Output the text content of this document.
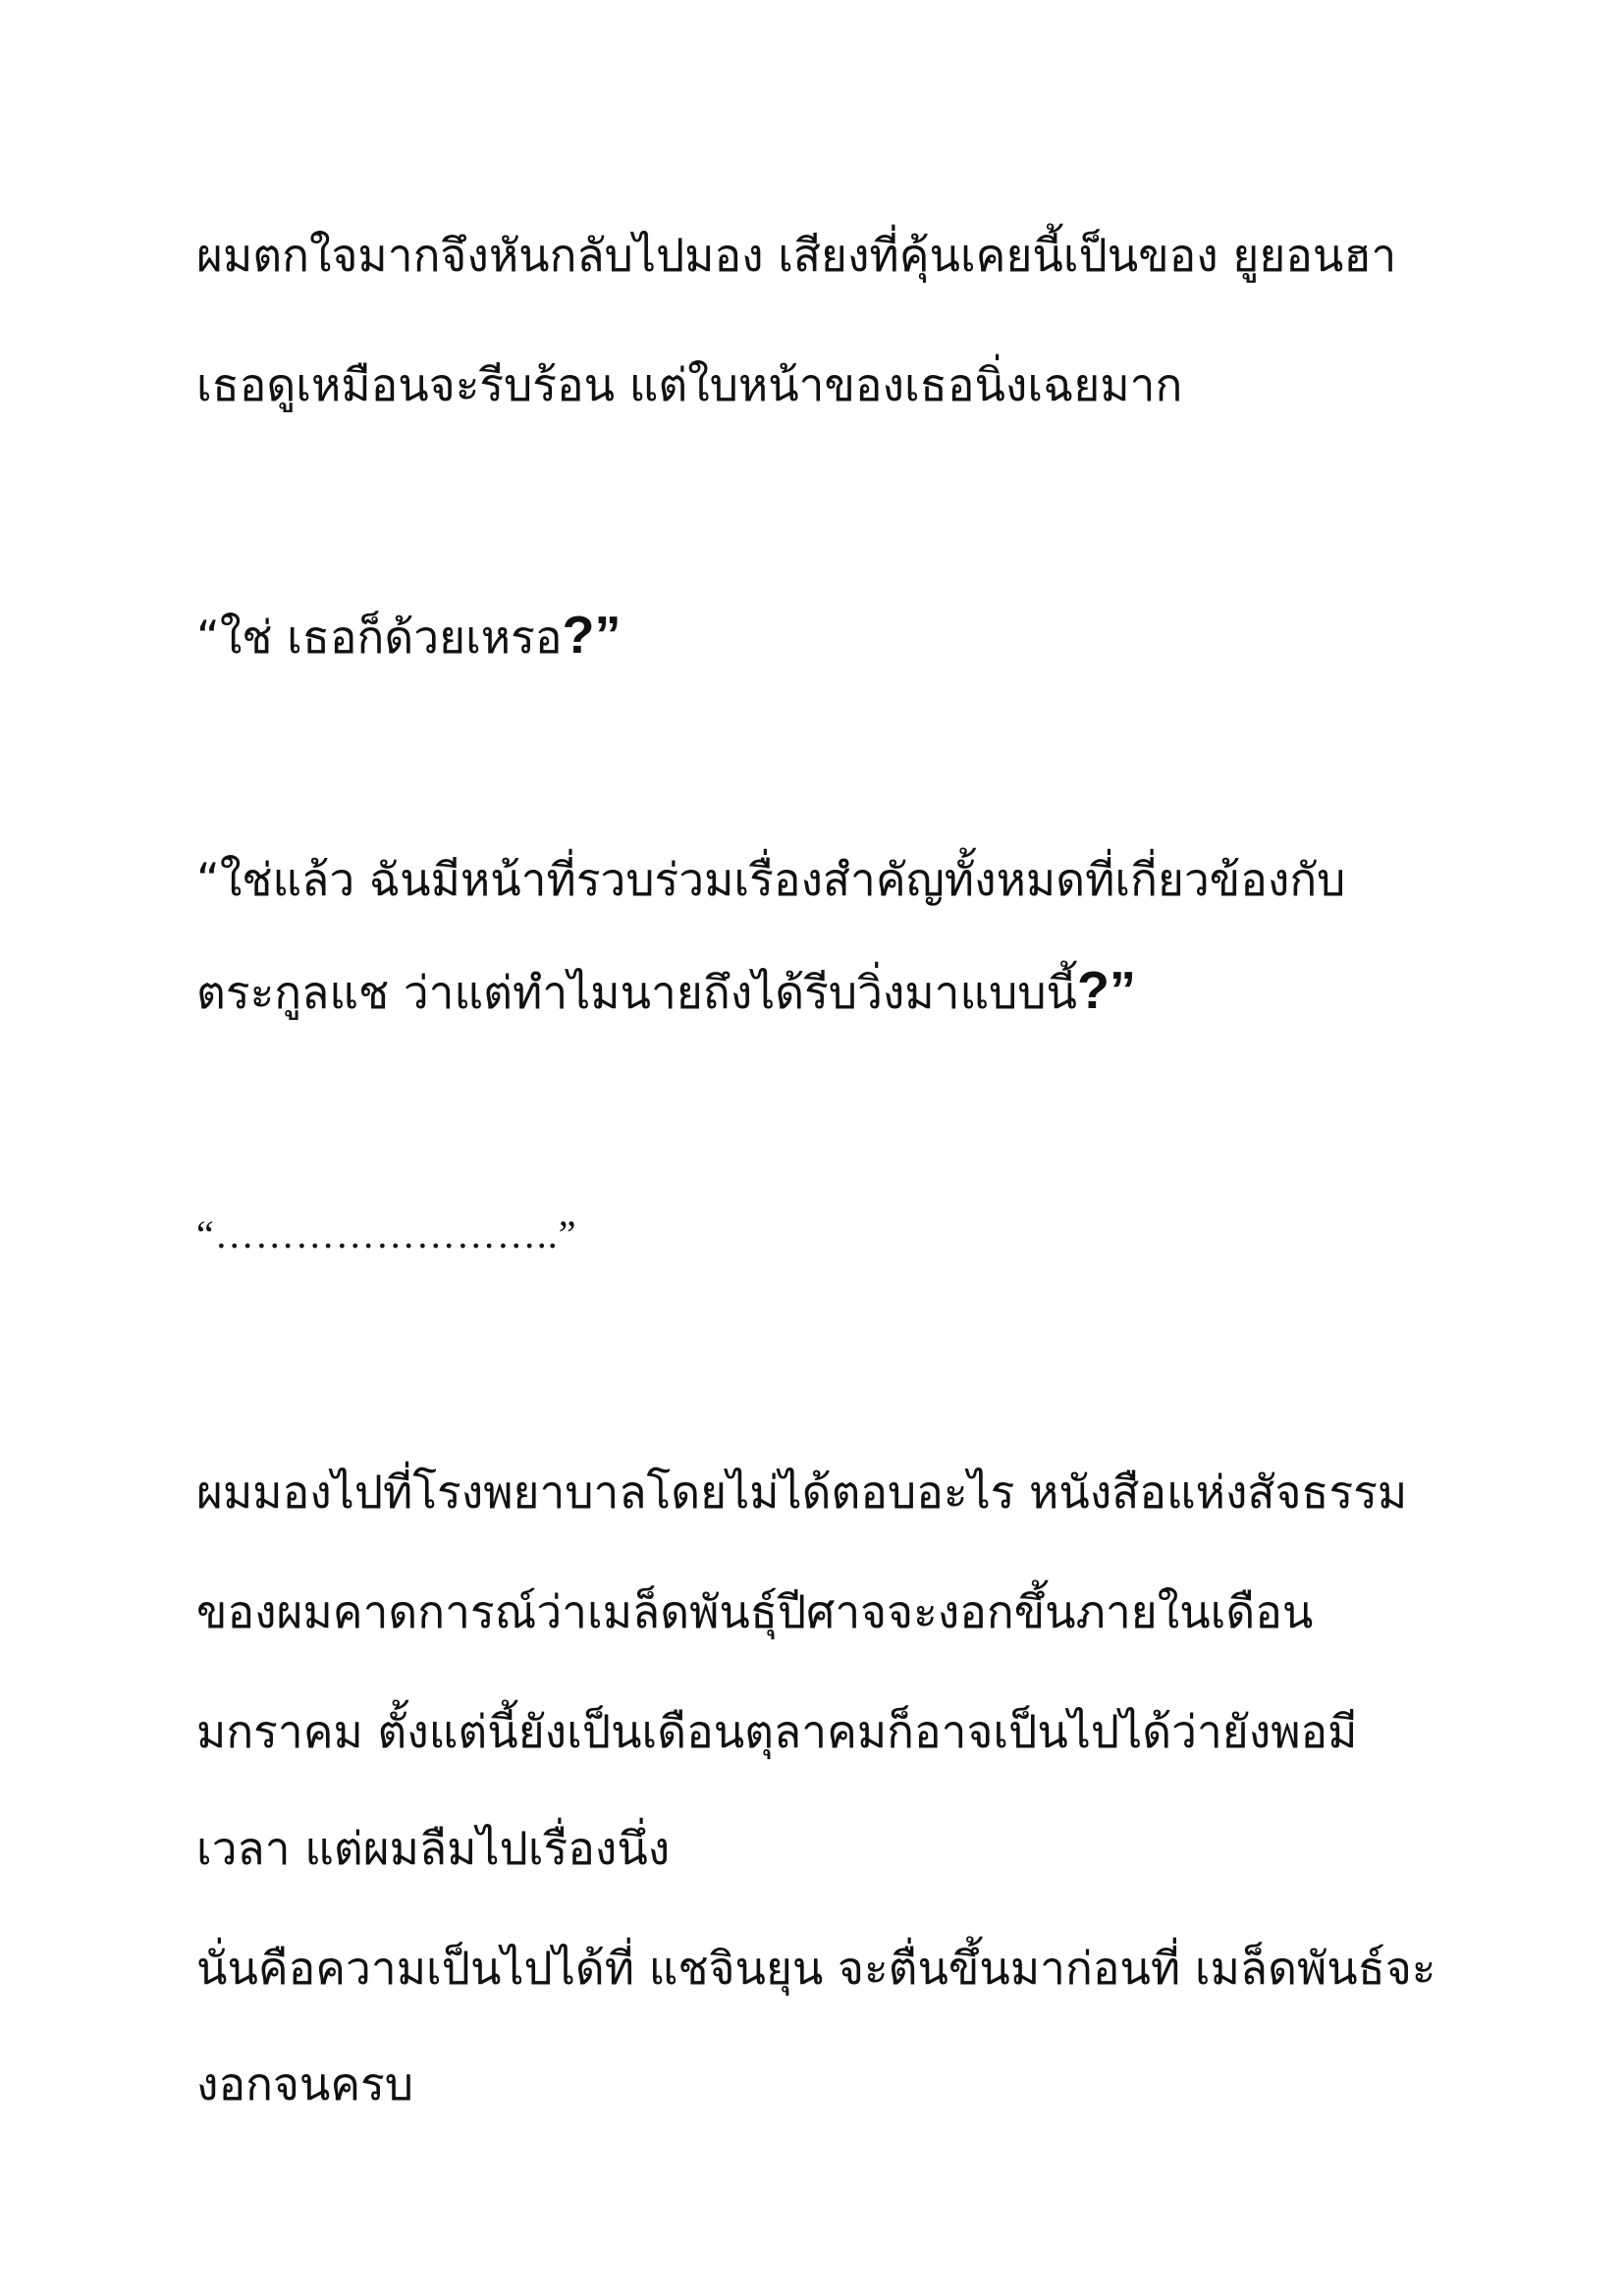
ผมตกใจมากจึงหันกลับไปมอง เสียงที่คุ้นเคยนี้เป็นของ ยูยอนฮา

เธอดูเหมือนจะรีบร้อน แต่ใบหน้าของเธอนิ่งเฉยมาก

“ใช่ เธอก็ด้วยเหรอ?”

“ใช่แล้ว ฉันมีหน้าที่รวบร่วมเรื่องสำคัญทั้งหมดที่เกี่ยวข้องกับ

ตระกูลแช ว่าแต่ทำไมนายถึงได้รีบวิ่งมาแบบนี้?”

“……………………..”

ผมมองไปที่โรงพยาบาลโดยไม่ได้ตอบอะไร หนังสือแห่งสัจธรรม

ของผมคาดการณ์ว่าเมล็ดพันธุ์ปีศาจจะงอกขึ้นภายในเดือน

มกราคม ตั้งแต่นี้ยังเป็นเดือนตุลาคมก็อาจเป็นไปได้ว่ายังพอมี

เวลา แต่ผมลืมไปเรื่องนึ่ง

นั่นคือความเป็นไปได้ที่ แชจินยุน จะตื่นขึ้นมาก่อนที่ เมล็ดพันธ์จะ

งอกจนครบ
